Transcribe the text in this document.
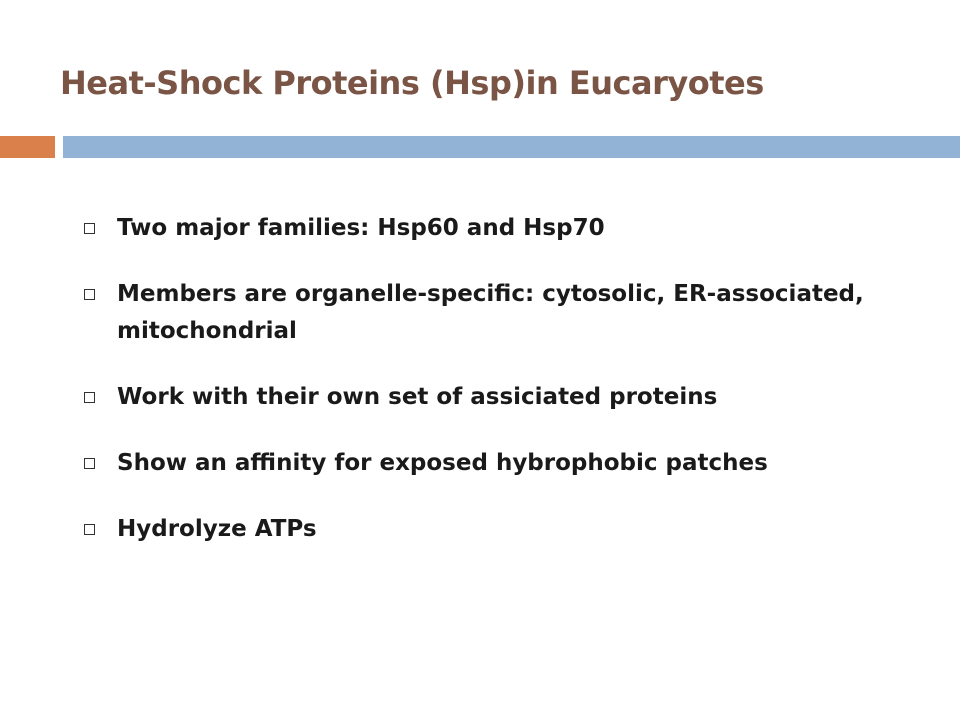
Heat-Shock Proteins (Hsp)in Eucaryotes
Two major families: Hsp60 and Hsp70
Members are organelle-specific: cytosolic, ER-associated, mitochondrial
Work with their own set of assiciated proteins
Show an affinity for exposed hybrophobic patches
Hydrolyze ATPs
